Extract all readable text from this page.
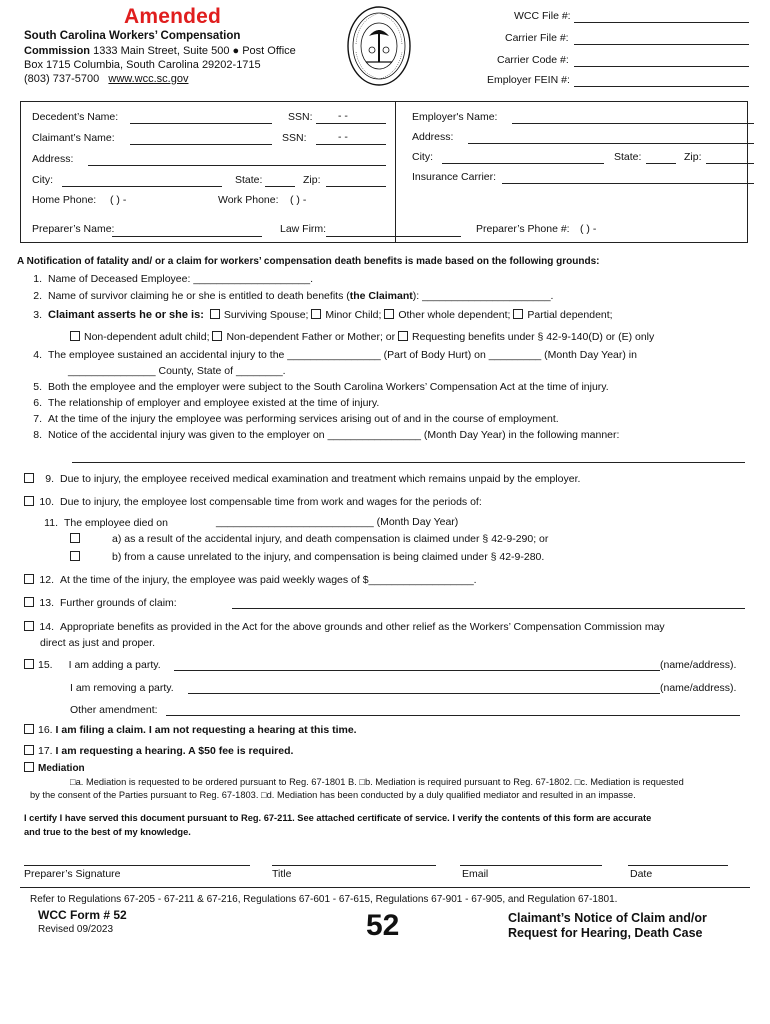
Amended
South Carolina Workers’ Compensation
Commission 1333 Main Street, Suite 500 ● Post Office
Box 1715 Columbia, South Carolina 29202-1715
(803) 737-5700 www.wcc.sc.gov
WCC File #:
Carrier File #:
Carrier Code #:
Employer FEIN #:
Decedent’s Name:	SSN: - -
Claimant’s Name:	SSN:	- -
Address:
City:	State:	Zip:
Home Phone: ( ) -	Work Phone: ( ) -
Preparer’s Name:	Law Firm:	Preparer’s Phone #: ( ) -
Employer's Name:
Address:
City:	State:	Zip:
Insurance Carrier:
A Notification of fatality and/ or a claim for workers’ compensation death benefits is made based on the following grounds:
1. Name of Deceased Employee: ____________________.
2. Name of survivor claiming he or she is entitled to death benefits (the Claimant): ______________________.
3. Claimant asserts he or she is: Surviving Spouse; Minor Child; Other whole dependent; Partial dependent;
Non-dependent adult child; Non-dependent Father or Mother; or Requesting benefits under § 42-9-140(D) or (E) only
4. The employee sustained an accidental injury to the ________________ (Part of Body Hurt) on _________ (Month Day Year) in
_______________ County, State of ________.
5. Both the employee and the employer were subject to the South Carolina Workers’ Compensation Act at the time of injury.
6. The relationship of employer and employee existed at the time of injury.
7. At the time of the injury the employee was performing services arising out of and in the course of employment.
8. Notice of the accidental injury was given to the employer on ________________ (Month Day Year) in the following manner:
9. Due to injury, the employee received medical examination and treatment which remains unpaid by the employer.
10. Due to injury, the employee lost compensable time from work and wages for the periods of:
11. The employee died on	___________________________ (Month Day Year)
a) as a result of the accidental injury, and death compensation is claimed under § 42-9-290; or
b) from a cause unrelated to the injury, and compensation is being claimed under § 42-9-280.
12. At the time of the injury, the employee was paid weekly wages of $__________________.
13. Further grounds of claim:
14. Appropriate benefits as provided in the Act for the above grounds and other relief as the Workers’ Compensation Commission may
direct as just and proper.
15. I am adding a party.	(name/address).
I am removing a party.	(name/address).
Other amendment:
16. I am filing a claim. I am not requesting a hearing at this time.
17. I am requesting a hearing. A $50 fee is required.
Mediation
□a. Mediation is requested to be ordered pursuant to Reg. 67-1801 B. □b. Mediation is required pursuant to Reg. 67-1802. □c. Mediation is requested
by the consent of the Parties pursuant to Reg. 67-1803. □d. Mediation has been conducted by a duly qualified mediator and resulted in an impasse.
I certify I have served this document pursuant to Reg. 67-211. See attached certificate of service. I verify the contents of this form are accurate
and true to the best of my knowledge.
Preparer’s Signature	Title	Email	Date
Refer to Regulations 67-205 - 67-211 & 67-216, Regulations 67-601 - 67-615, Regulations 67-901 - 67-905, and Regulation 67-1801.
WCC Form # 52
Revised 09/2023	52	Claimant’s Notice of Claim and/or
Request for Hearing, Death Case
